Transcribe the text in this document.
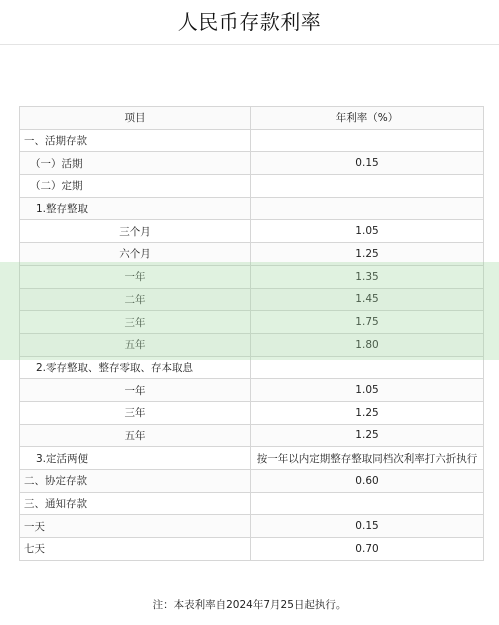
人民币存款利率
项目	年利率（%）
一、活期存款	
（一）活期	0.15
（二）定期	
1.整存整取	
三个月	1.05
六个月	1.25
一年	1.35
二年	1.45
三年	1.75
五年	1.80
2.零存整取、整存零取、存本取息	
一年	1.05
三年	1.25
五年	1.25
3.定活两便	按一年以内定期整存整取同档次利率打六折执行
二、协定存款	0.60
三、通知存款	
一天	0.15
七天	0.70
注：本表利率自2024年7月25日起执行。
